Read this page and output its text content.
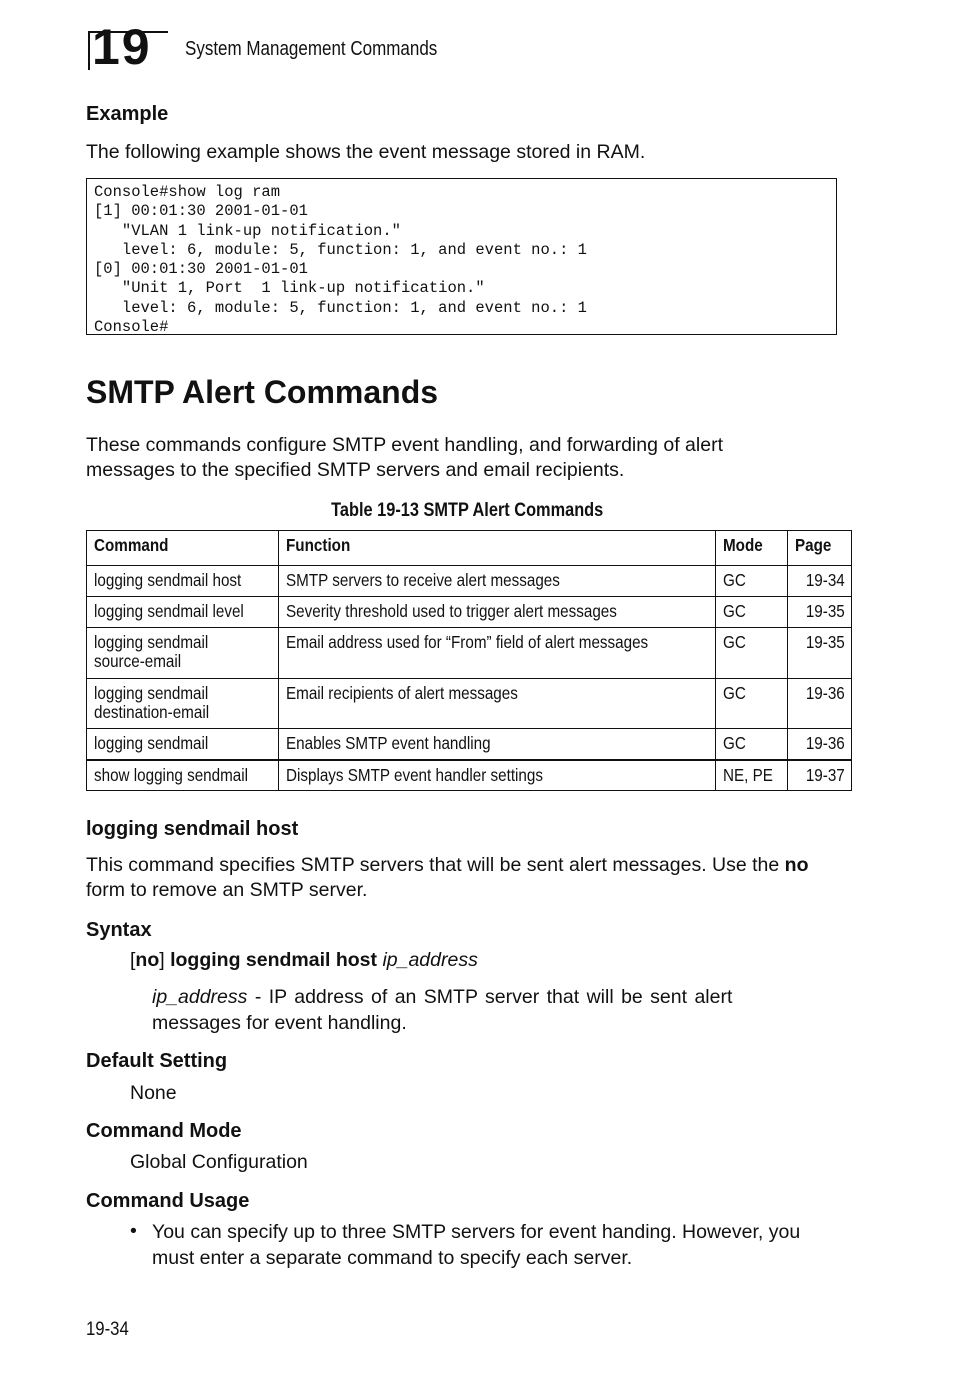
19 System Management Commands
Example
The following example shows the event message stored in RAM.
Console#show log ram
[1] 00:01:30 2001-01-01
"VLAN 1 link-up notification."
level: 6, module: 5, function: 1, and event no.: 1
[0] 00:01:30 2001-01-01
"Unit 1, Port  1 link-up notification."
level: 6, module: 5, function: 1, and event no.: 1
Console#
SMTP Alert Commands
These commands configure SMTP event handling, and forwarding of alert
messages to the specified SMTP servers and email recipients.
Table 19-13 SMTP Alert Commands
Command	Function	Mode	Page
logging sendmail host	SMTP servers to receive alert messages	GC	19-34
logging sendmail level	Severity threshold used to trigger alert messages	GC	19-35
logging sendmail
source-email	Email address used for “From” field of alert messages	GC	19-35
logging sendmail
destination-email	Email recipients of alert messages	GC	19-36
logging sendmail	Enables SMTP event handling	GC	19-36
show logging sendmail	Displays SMTP event handler settings	NE, PE	19-37
logging sendmail host
This command specifies SMTP servers that will be sent alert messages. Use the no
form to remove an SMTP server.
Syntax
[no] logging sendmail host ip_address
ip_address - IP address of an SMTP server that will be sent alert
messages for event handling.
Default Setting
None
Command Mode
Global Configuration
Command Usage
• You can specify up to three SMTP servers for event handing. However, you
must enter a separate command to specify each server.
19-34
